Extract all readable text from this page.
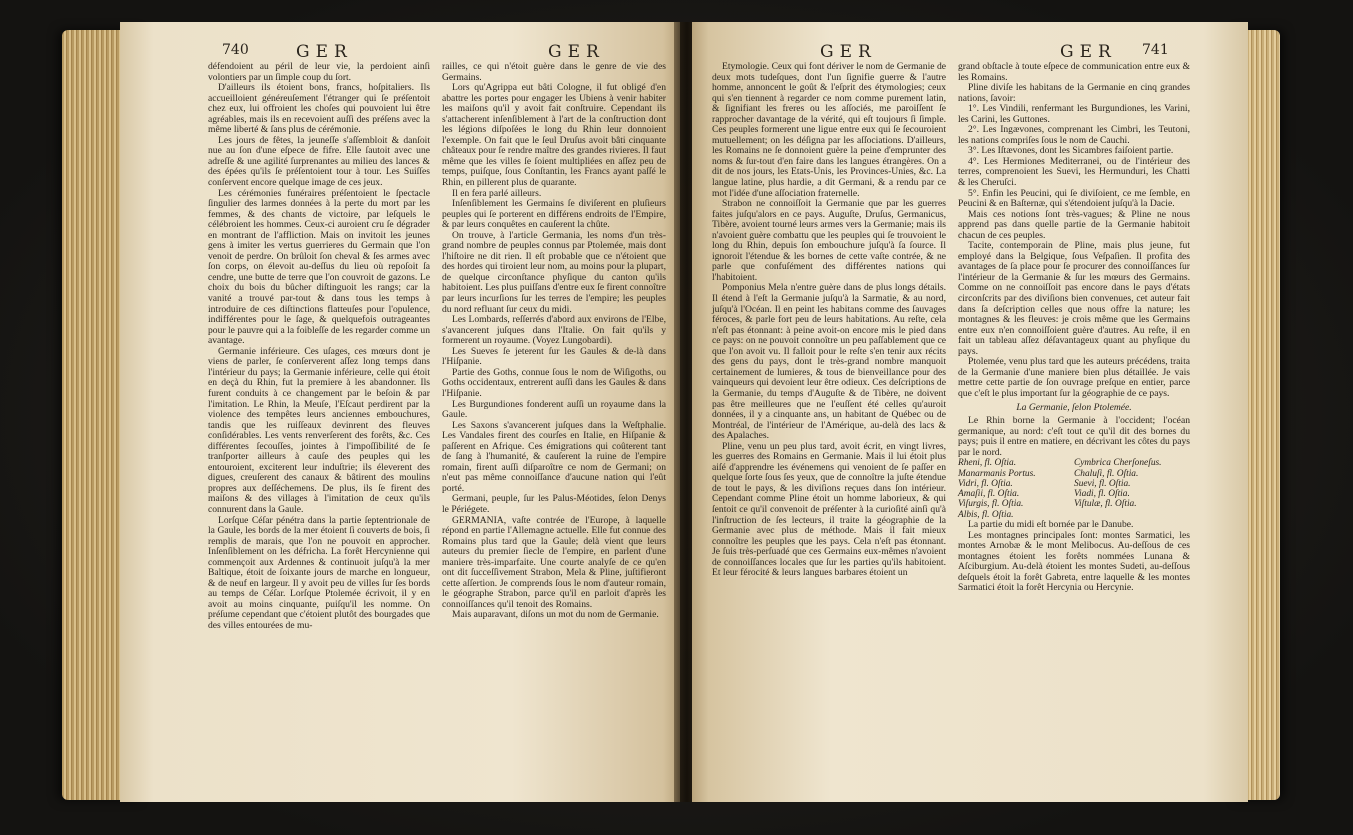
740	GER	GER

défendoient au péril de leur vie, la perdoient ainſi volontiers par un ſimple coup du ſort.

D'ailleurs ils étoient bons, francs, hoſpitaliers. Ils accueilloient généreuſement l'étranger qui ſe préſentoit chez eux, lui offroient les choſes qui pouvoient lui être agréables, mais ils en recevoient auſſi des préſens avec la même liberté & ſans plus de cérémonie.

Les jours de fêtes, la jeuneſſe s'aſſembloit & danſoit nue au ſon d'une eſpece de fifre. Elle ſautoit avec une adreſſe & une agilité ſurprenantes au milieu des lances & des épées qu'ils ſe préſentoient tour à tour. Les Suiſſes conſervent encore quelque image de ces jeux.

Les cérémonies funéraires préſentoient le ſpectacle ſingulier des larmes données à la perte du mort par les femmes, & des chants de victoire, par leſquels le célébroient les hommes. Ceux-ci auroient cru ſe dégrader en montrant de l'affliction. Mais on invitoit les jeunes gens à imiter les vertus guerrieres du Germain que l'on venoit de perdre. On brûloit ſon cheval & ſes armes avec ſon corps, on élevoit au-deſſus du lieu où repoſoit ſa cendre, une butte de terre que l'on couvroit de gazons. Le choix du bois du bûcher diſtinguoit les rangs; car la vanité a trouvé par-tout & dans tous les temps à introduire de ces diſtinctions flatteuſes pour l'opulence, indifférentes pour le ſage, & quelquefois outrageantes pour le pauvre qui a la foibleſſe de les regarder comme un avantage.

Germanie inférieure. Ces uſages, ces mœurs dont je viens de parler, ſe conſerverent aſſez long temps dans l'intérieur du pays; la Germanie inférieure, celle qui étoit en deçà du Rhin, fut la premiere à les abandonner. Ils furent conduits à ce changement par le beſoin & par l'imitation. Le Rhin, la Meuſe, l'Eſcaut perdirent par la violence des tempêtes leurs anciennes embouchures, tandis que les ruiſſeaux devinrent des fleuves conſidérables. Les vents renverſerent des forêts, &c. Ces différentes ſecouſſes, jointes à l'impoſſibilité de ſe tranſporter ailleurs à cauſe des peuples qui les entouroient, exciterent leur induſtrie; ils éleverent des digues, creuſerent des canaux & bâtirent des moulins propres aux deſſéchemens. De plus, ils ſe firent des maiſons & des villages à l'imitation de ceux qu'ils connurent dans la Gaule.

Lorſque Céſar pénétra dans la partie ſeptentrionale de la Gaule, les bords de la mer étoient ſi couverts de bois, ſi remplis de marais, que l'on ne pouvoit en approcher. Inſenſiblement on les défricha. La forêt Hercynienne qui commençoit aux Ardennes & continuoit juſqu'à la mer Baltique, étoit de ſoixante jours de marche en longueur, & de neuf en largeur. Il y avoit peu de villes ſur ſes bords au temps de Céſar. Lorſque Ptolemée écrivoit, il y en avoit au moins cinquante, puiſqu'il les nomme. On préſume cependant que c'étoient plutôt des bourgades que des villes entourées de mu-

railles, ce qui n'étoit guère dans le genre de vie des Germains.

Lors qu'Agrippa eut bâti Cologne, il fut obligé d'en abattre les portes pour engager les Ubiens à venir habiter les maiſons qu'il y avoit fait conſtruire. Cependant ils s'attacherent inſenſiblement à l'art de la conſtruction dont les légions diſpoſées le long du Rhin leur donnoient l'exemple. On fait que le ſeul Druſus avoit bâti cinquante châteaux pour ſe rendre maître des grandes rivieres. Il faut même que les villes ſe ſoient multipliées en aſſez peu de temps, puiſque, ſous Conſtantin, les Francs ayant paſſé le Rhin, en pillerent plus de quarante.

Il en fera parlé ailleurs.

Inſenſiblement les Germains ſe diviſerent en pluſieurs peuples qui ſe porterent en différens endroits de l'Empire, & par leurs conquêtes en cauſerent la chûte.

On trouve, à l'article Germania, les noms d'un très-grand nombre de peuples connus par Ptolemée, mais dont l'hiſtoire ne dit rien. Il eſt probable que ce n'étoient que des hordes qui tiroient leur nom, au moins pour la plupart, de quelque circonſtance phyſique du canton qu'ils habitoient. Les plus puiſſans d'entre eux ſe firent connoître par leurs incurſions ſur les terres de l'empire; les peuples du nord refluant ſur ceux du midi.

Les Lombards, reſſerrés d'abord aux environs de l'Elbe, s'avancerent juſques dans l'Italie. On fait qu'ils y formerent un royaume. (Voyez Lungobardi).

Les Sueves ſe jeterent ſur les Gaules & de-là dans l'Hiſpanie.

Partie des Goths, connue ſous le nom de Wiſigoths, ou Goths occidentaux, entrerent auſſi dans les Gaules & dans l'Hiſpanie.

Les Burgundiones fonderent auſſi un royaume dans la Gaule.

Les Saxons s'avancerent juſques dans la Weſtphalie. Les Vandales firent des courſes en Italie, en Hiſpanie & paſſerent en Afrique. Ces émigrations qui coûterent tant de ſang à l'humanité, & cauſerent la ruine de l'empire romain, firent auſſi diſparoître ce nom de Germani; on n'eut pas même connoiſſance d'aucune nation qui l'eût porté.

Germani, peuple, ſur les Palus-Méotides, ſelon Denys le Périégete.

GERMANIA, vaſte contrée de l'Europe, à laquelle répond en partie l'Allemagne actuelle. Elle fut connue des Romains plus tard que la Gaule; delà vient que leurs auteurs du premier ſiecle de l'empire, en parlent d'une maniere très-imparfaite. Une courte analyſe de ce qu'en ont dit ſucceſſivement Strabon, Mela & Pline, juſtifieront cette aſſertion. Je comprends ſous le nom d'auteur romain, le géographe Strabon, parce qu'il en parloit d'après les connoiſſances qu'il tenoit des Romains.

Mais auparavant, diſons un mot du nom de Germanie.

GER	GER 741

Etymologie. Ceux qui font dériver le nom de Germanie de deux mots tudeſques, dont l'un ſignifie guerre & l'autre homme, annoncent le goût & l'eſprit des étymologies; ceux qui s'en tiennent à regarder ce nom comme purement latin, & ſignifiant les freres ou les aſſociés, me paroiſſent ſe rapprocher davantage de la vérité, qui eſt toujours ſi ſimple. Ces peuples formerent une ligue entre eux qui ſe ſecouroient mutuellement; on les déſigna par les aſſociations. D'ailleurs, les Romains ne ſe donnoient guère la peine d'emprunter des noms & ſur-tout d'en faire dans les langues étrangères. On a dit de nos jours, les Etats-Unis, les Provinces-Unies, &c. La langue latine, plus hardie, a dit Germani, & a rendu par ce mot l'idée d'une aſſociation fraternelle.

Strabon ne connoiſſoit la Germanie que par les guerres faites juſqu'alors en ce pays. Auguſte, Druſus, Germanicus, Tibère, avoient tourné leurs armes vers la Germanie; mais ils n'avoient guère combattu que les peuples qui ſe trouvoient le long du Rhin, depuis ſon embouchure juſqu'à ſa ſource. Il ignoroit l'étendue & les bornes de cette vaſte contrée, & ne parle que confuſément des différentes nations qui l'habitoient.

Pomponius Mela n'entre guère dans de plus longs détails. Il étend à l'eſt la Germanie juſqu'à la Sarmatie, & au nord, juſqu'à l'Océan. Il en peint les habitans comme des ſauvages féroces, & parle fort peu de leurs habitations. Au reſte, cela n'eſt pas étonnant: à peine avoit-on encore mis le pied dans ce pays: on ne pouvoit connoître un peu paſſablement que ce que l'on avoit vu. Il falloit pour le reſte s'en tenir aux récits des gens du pays, dont le très-grand nombre manquoit certainement de lumieres, & tous de bienveillance pour des vainqueurs qui devoient leur être odieux. Ces deſcriptions de la Germanie, du temps d'Auguſte & de Tibère, ne doivent pas être meilleures que ne l'euſſent été celles qu'auroit données, il y a cinquante ans, un habitant de Québec ou de Montréal, de l'intérieur de l'Amérique, au-delà des lacs & des Apalaches.

Pline, venu un peu plus tard, avoit écrit, en vingt livres, les guerres des Romains en Germanie. Mais il lui étoit plus aiſé d'apprendre les événemens qui venoient de ſe paſſer en quelque ſorte ſous ſes yeux, que de connoître la juſte étendue de tout le pays, & les diviſions reçues dans ſon intérieur. Cependant comme Pline étoit un homme laborieux, & qui ſentoit ce qu'il convenoit de préſenter à la curioſité ainſi qu'à l'inſtruction de ſes lecteurs, il traite la géographie de la Germanie avec plus de méthode. Mais il fait mieux connoître les peuples que les pays. Cela n'eſt pas étonnant. Je ſuis très-perſuadé que ces Germains eux-mêmes n'avoient de connoiſſances locales que ſur les parties qu'ils habitoient. Et leur férocité & leurs langues barbares étoient un

grand obſtacle à toute eſpece de communication entre eux & les Romains.

Pline diviſe les habitans de la Germanie en cinq grandes nations, ſavoir:

1°. Les Vindili, renfermant les Burgundiones, les Varini, les Carini, les Guttones.

2°. Les Ingævones, comprenant les Cimbri, les Teutoni, les nations compriſes ſous le nom de Cauchi.

3°. Les Iſtævones, dont les Sicambres faiſoient partie.

4°. Les Hermiones Mediterranei, ou de l'intérieur des terres, comprenoient les Suevi, les Hermunduri, les Chatti & les Cheruſci.

5°. Enfin les Peucini, qui ſe diviſoient, ce me ſemble, en Peucini & en Baſternæ, qui s'étendoient juſqu'à la Dacie.

Mais ces notions ſont très-vagues; & Pline ne nous apprend pas dans quelle partie de la Germanie habitoit chacun de ces peuples.

Tacite, contemporain de Pline, mais plus jeune, fut employé dans la Belgique, ſous Veſpaſien. Il profita des avantages de ſa place pour ſe procurer des connoiſſances ſur l'intérieur de la Germanie & ſur les mœurs des Germains. Comme on ne connoiſſoit pas encore dans le pays d'états circonſcrits par des diviſions bien convenues, cet auteur fait dans ſa deſcription celles que nous offre la nature; les montagnes & les fleuves: je crois même que les Germains entre eux n'en connoiſſoient guère d'autres. Au reſte, il en fait un tableau aſſez déſavantageux quant au phyſique du pays.

Ptolemée, venu plus tard que les auteurs précédens, traita de la Germanie d'une maniere bien plus détaillée. Je vais mettre cette partie de ſon ouvrage preſque en entier, parce que c'eſt le plus important ſur la géographie de ce pays.

La Germanie, ſelon Ptolemée.

Le Rhin borne la Germanie à l'occident; l'océan germanique, au nord: c'eſt tout ce qu'il dit des bornes du pays; puis il entre en matiere, en décrivant les côtes du pays par le nord.

Rheni, fl. Oſtia.	Cymbrica Cherſoneſus.
Manarmanis Portus.	Chaluſi, fl. Oſtia.
Vidri, fl. Oſtia.	Suevi, fl. Oſtia.
Amaſii, fl. Oſtia.	Viadi, fl. Oſtia.
Viſurgis, fl. Oſtia.	Viſtulæ, fl. Oſtia.
Albis, fl. Oſtia.	

La partie du midi eſt bornée par le Danube.

Les montagnes principales ſont: montes Sarmatici, les montes Arnobæ & le mont Melibocus. Au-deſſous de ces montagnes étoient les forêts nommées Lunana & Aſciburgium. Au-delà étoient les montes Sudeti, au-deſſous deſquels étoit la forêt Gabreta, entre laquelle & les montes Sarmatici étoit la forêt Hercynia ou Hercynie.
